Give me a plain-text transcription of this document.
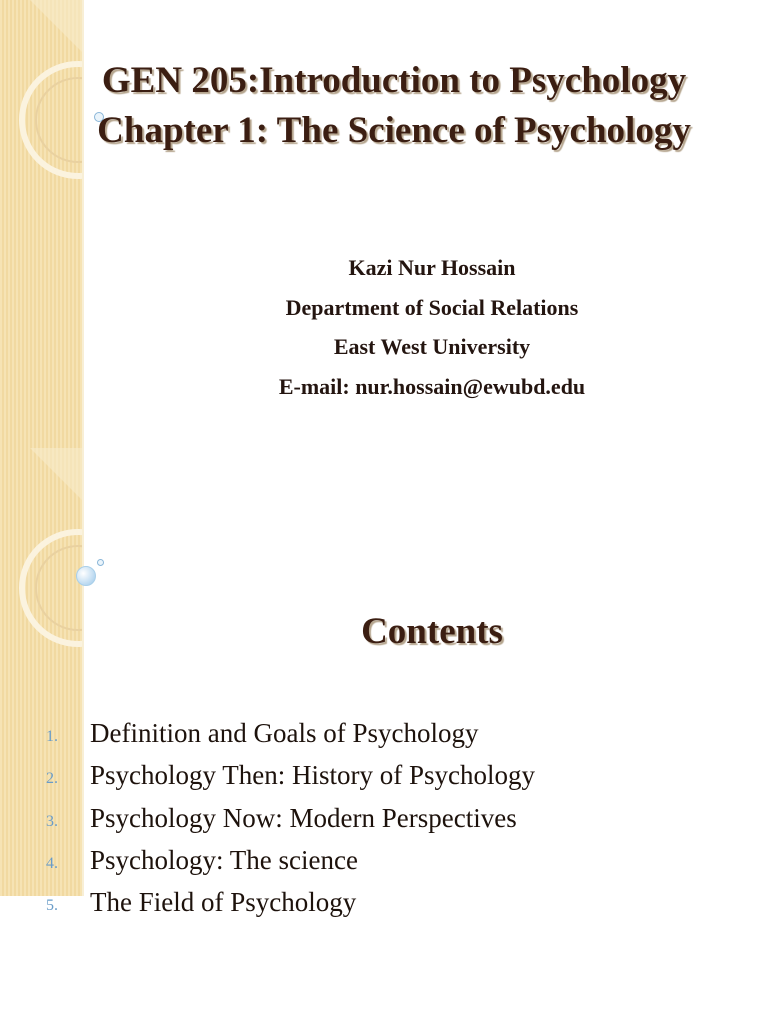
GEN 205:Introduction to Psychology
Chapter 1: The Science of Psychology
Kazi Nur Hossain
Department of Social Relations
East West University
E-mail: nur.hossain@ewubd.edu
Contents
1. Definition and Goals of Psychology
2. Psychology Then: History of Psychology
3. Psychology Now: Modern Perspectives
4. Psychology: The science
5. The Field of Psychology
